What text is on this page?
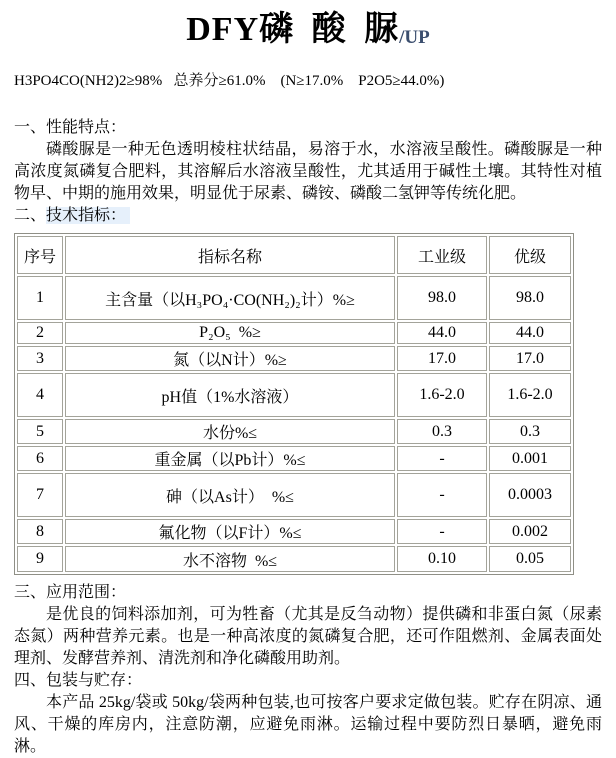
DFY磷 酸 脲/UP
H3PO4CO(NH2)2≥98%   总养分≥61.0%    (N≥17.0%    P2O5≥44.0%)

一、性能特点：

磷酸脲是一种无色透明棱柱状结晶，易溶于水，水溶液呈酸性。磷酸脲是一种高浓度氮磷复合肥料，其溶解后水溶液呈酸性，尤其适用于碱性土壤。其特性对植物早、中期的施用效果，明显优于尿素、磷铵、磷酸二氢钾等传统化肥。

二、技术指标：

序号	指标名称	工业级	优级
1	主含量（以H₃PO₄·CO(NH₂)₂计）%≥	98.0	98.0
2	P₂O₅  %≥	44.0	44.0
3	氮（以N计）%≥	17.0	17.0
4	pH值（1%水溶液）	1.6-2.0	1.6-2.0
5	水份%≤	0.3	0.3
6	重金属（以Pb计）%≤	-	0.001
7	砷（以As计）  %≤	-	0.0003
8	氟化物（以F计）%≤	-	0.002
9	水不溶物  %≤	0.10	0.05

三、应用范围：

是优良的饲料添加剂，可为牲畜（尤其是反刍动物）提供磷和非蛋白氮（尿素态氮）两种营养元素。也是一种高浓度的氮磷复合肥，还可作阻燃剂、金属表面处理剂、发酵营养剂、清洗剂和净化磷酸用助剂。

四、包装与贮存：

本产品 25kg/袋或 50kg/袋两种包装,也可按客户要求定做包装。贮存在阴凉、通风、干燥的库房内，注意防潮，应避免雨淋。运输过程中要防烈日暴晒，避免雨淋。
